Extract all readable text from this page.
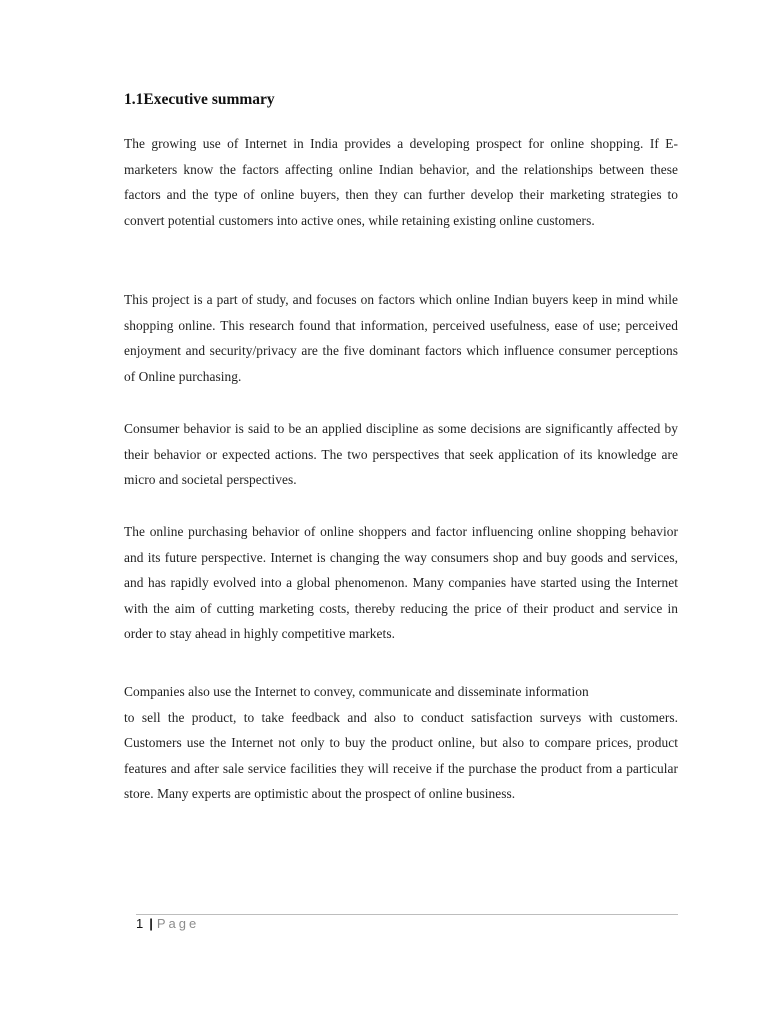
1.1Executive summary

The growing use of Internet in India provides a developing prospect for online shopping. If E-marketers know the factors affecting online Indian behavior, and the relationships between these factors and the type of online buyers, then they can further develop their marketing strategies to convert potential customers into active ones, while retaining existing online customers.

This project is a part of study, and focuses on factors which online Indian buyers keep in mind while shopping online. This research found that information, perceived usefulness, ease of use; perceived enjoyment and security/privacy are the five dominant factors which influence consumer perceptions of Online purchasing.

Consumer behavior is said to be an applied discipline as some decisions are significantly affected by their behavior or expected actions. The two perspectives that seek application of its knowledge are micro and societal perspectives.

The online purchasing behavior of online shoppers and factor influencing online shopping behavior and its future perspective. Internet is changing the way consumers shop and buy goods and services, and has rapidly evolved into a global phenomenon. Many companies have started using the Internet with the aim of cutting marketing costs, thereby reducing the price of their product and service in order to stay ahead in highly competitive markets.

Companies also use the Internet to convey, communicate and disseminate information
to sell the product, to take feedback and also to conduct satisfaction surveys with customers. Customers use the Internet not only to buy the product online, but also to compare prices, product features and after sale service facilities they will receive if the purchase the product from a particular store. Many experts are optimistic about the prospect of online business.

1 | Page
